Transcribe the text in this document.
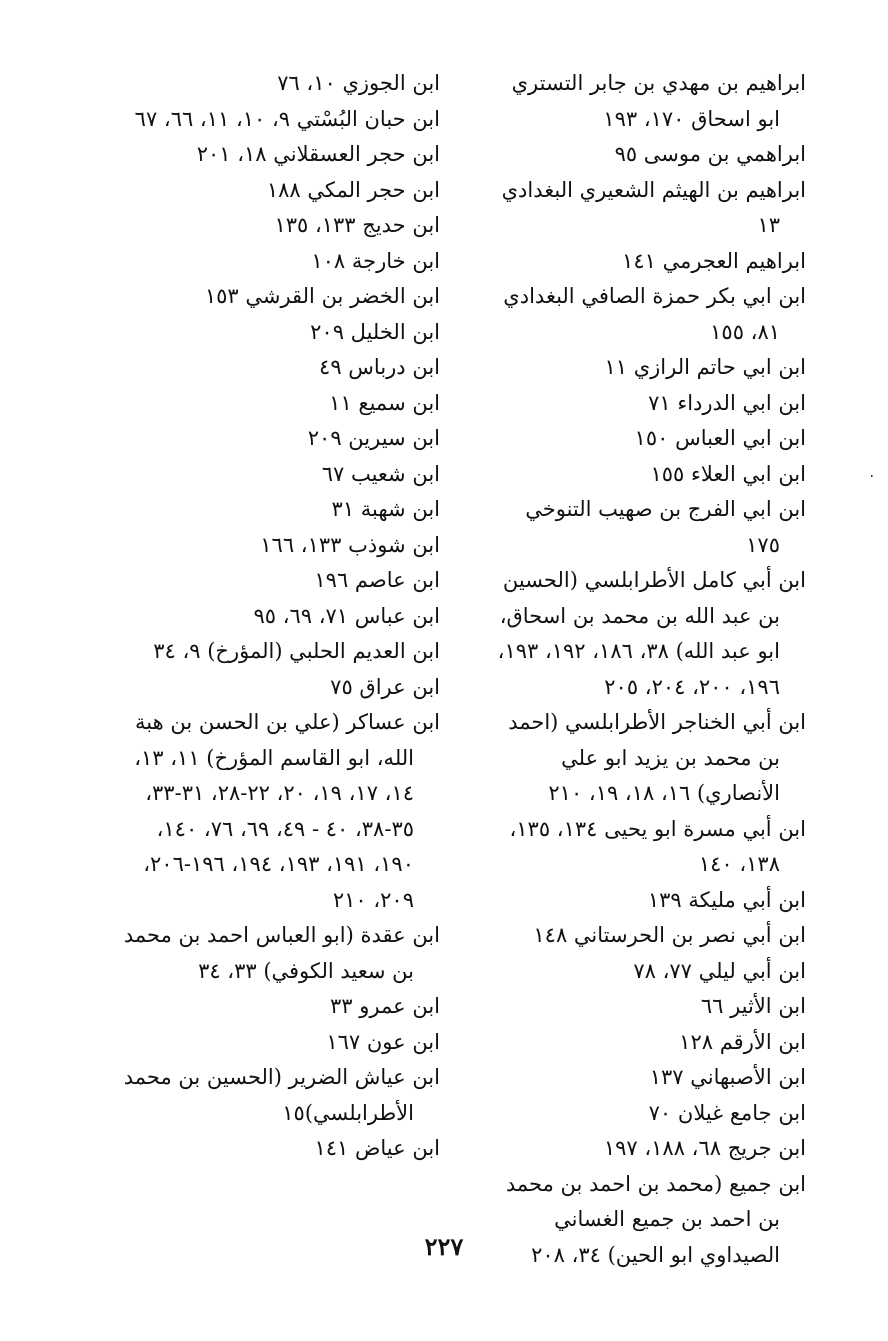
ابراهيم بن مهدي بن جابر التستري ابو اسحاق ١٧٠، ١٩٣
ابراهمي بن موسى ٩٥
ابراهيم بن الهيثم الشعيري البغدادي ١٣
ابراهيم العجرمي ١٤١
ابن ابي بكر حمزة الصافي البغدادي ٨١، ١٥٥
ابن ابي حاتم الرازي ١١
ابن ابي الدرداء ٧١
ابن ابي العباس ١٥٠
ابن ابي العلاء ١٥٥
ابن ابي الفرج بن صهيب التنوخي ١٧٥
ابن أبي كامل الأطرابلسي (الحسين بن عبد الله بن محمد بن اسحاق، ابو عبد الله) ٣٨، ١٨٦، ١٩٢، ١٩٣، ١٩٦، ٢٠٠، ٢٠٤، ٢٠٥
ابن أبي الخناجر الأطرابلسي (احمد بن محمد بن يزيد ابو علي الأنصاري) ١٦، ١٨، ١٩، ٢١٠
ابن أبي مسرة ابو يحيى ١٣٤، ١٣٥، ١٣٨، ١٤٠
ابن أبي مليكة ١٣٩
ابن أبي نصر بن الحرستاني ١٤٨
ابن أبي ليلي ٧٧، ٧٨
ابن الأثير ٦٦
ابن الأرقم ١٢٨
ابن الأصبهاني ١٣٧
ابن جامع غيلان ٧٠
ابن جريج ٦٨، ١٨٨، ١٩٧
ابن جميع (محمد بن احمد بن محمد بن احمد بن جميع الغساني الصيداوي ابو الحين) ٣٤، ٢٠٨
ابن الجوزي ١٠، ٧٦
ابن حبان البُسْتي ٩، ١٠، ١١، ٦٦، ٦٧
ابن حجر العسقلاني ١٨، ٢٠١
ابن حجر المكي ١٨٨
ابن حديج ١٣٣، ١٣٥
ابن خارجة ١٠٨
ابن الخضر بن القرشي ١٥٣
ابن الخليل ٢٠٩
ابن درباس ٤٩
ابن سميع ١١
ابن سيرين ٢٠٩
ابن شعيب ٦٧
ابن شهبة ٣١
ابن شوذب ١٣٣، ١٦٦
ابن عاصم ١٩٦
ابن عباس ٧١، ٦٩، ٩٥
ابن العديم الحلبي (المؤرخ) ٩، ٣٤
ابن عراق ٧٥
ابن عساكر (علي بن الحسن بن هبة الله، ابو القاسم المؤرخ) ١١، ١٣، ١٤، ١٧، ١٩، ٢٠، ٢٢-٢٨، ٣١-٣٣، ٣٥-٣٨، ٤٠ - ٤٩، ٦٩، ٧٦، ١٤٠، ١٩٠، ١٩١، ١٩٣، ١٩٤، ١٩٦-٢٠٦، ٢٠٩، ٢١٠
ابن عقدة (ابو العباس احمد بن محمد بن سعيد الكوفي) ٣٣، ٣٤
ابن عمرو ٣٣
ابن عون ١٦٧
ابن عياش الضرير (الحسين بن محمد الأطرابلسي)١٥
ابن عياض ١٤١
٢٢٧
٠
